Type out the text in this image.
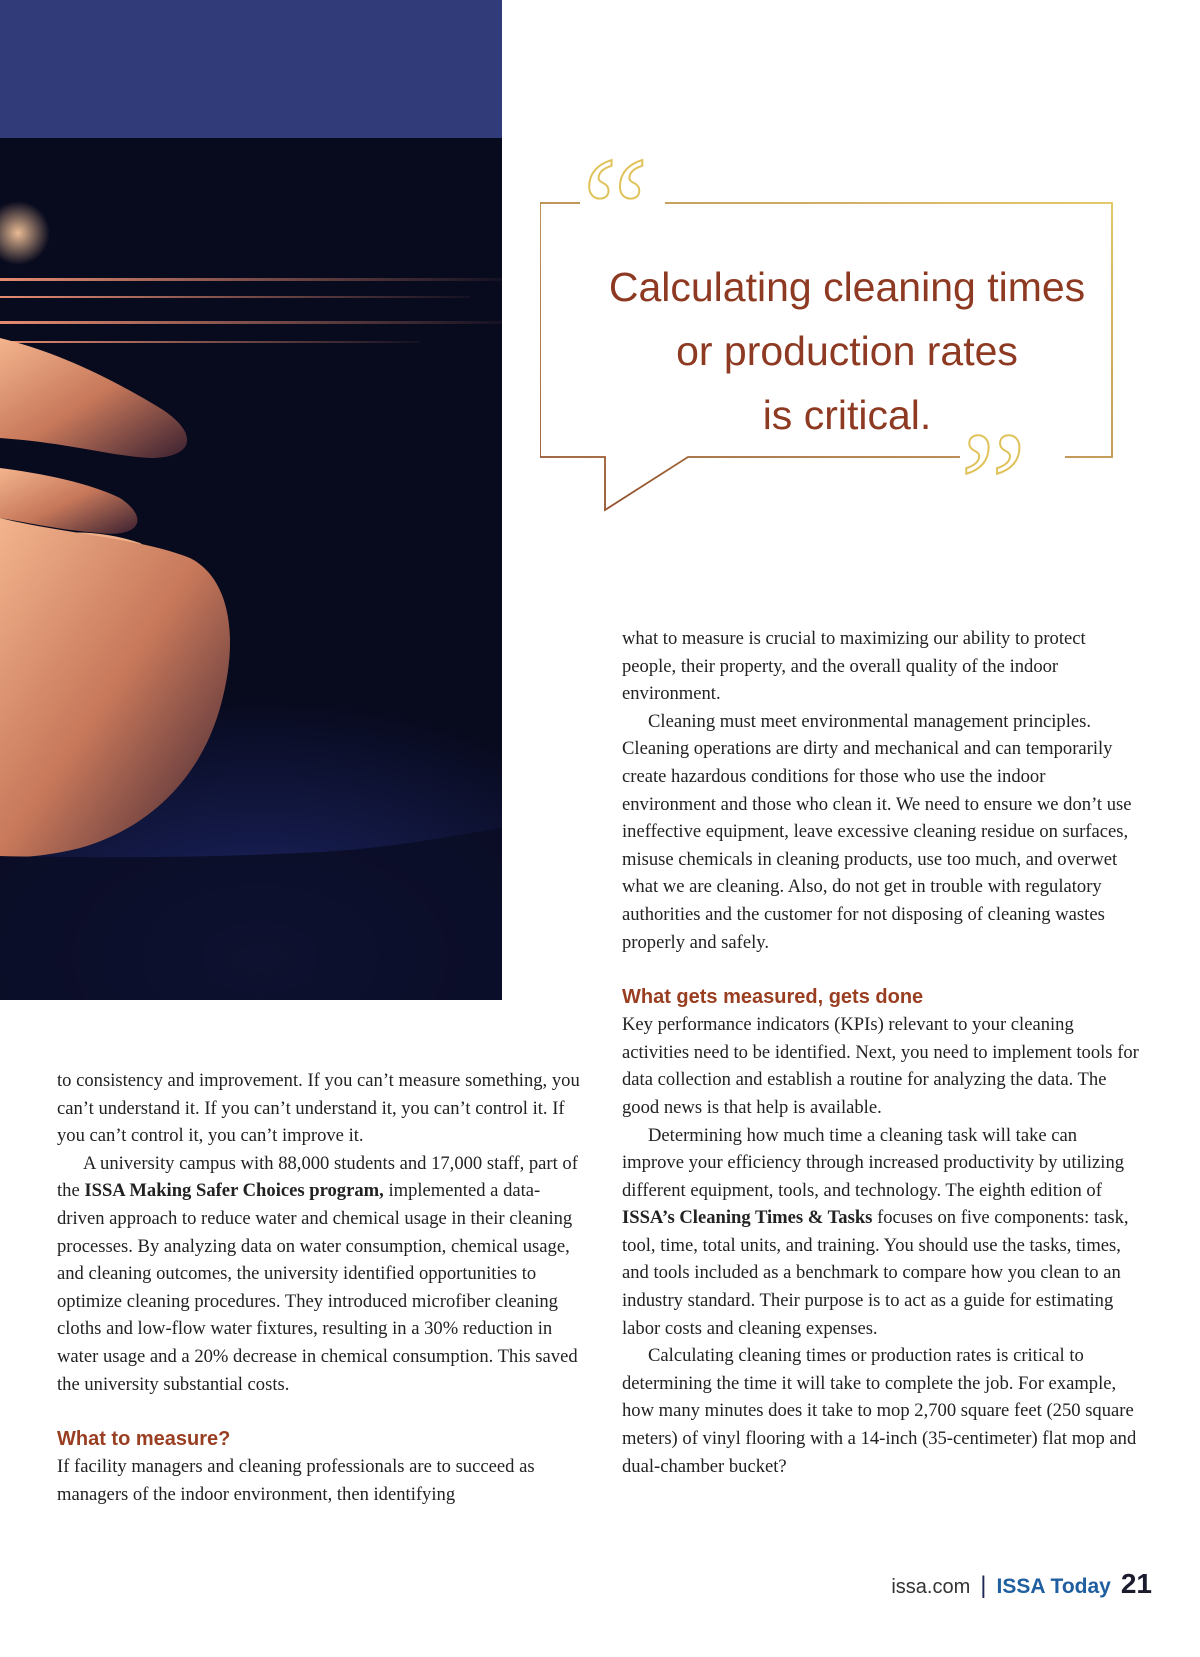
“
”
Calculating cleaning times
or production rates
is critical.

what to measure is crucial to maximizing our ability to protect people, their property, and the overall quality of the indoor environment.

Cleaning must meet environmental management principles. Cleaning operations are dirty and mechanical and can temporarily create hazardous conditions for those who use the indoor environment and those who clean it. We need to ensure we don’t use ineffective equipment, leave excessive cleaning residue on surfaces, misuse chemicals in cleaning products, use too much, and overwet what we are cleaning. Also, do not get in trouble with regulatory authorities and the customer for not disposing of cleaning wastes properly and safely.

What gets measured, gets done

Key performance indicators (KPIs) relevant to your cleaning activities need to be identified. Next, you need to implement tools for data collection and establish a routine for analyzing the data. The good news is that help is available.

Determining how much time a cleaning task will take can improve your efficiency through increased productivity by utilizing different equipment, tools, and technology. The eighth edition of ISSA’s Cleaning Times & Tasks focuses on five components: task, tool, time, total units, and training. You should use the tasks, times, and tools included as a benchmark to compare how you clean to an industry standard. Their purpose is to act as a guide for estimating labor costs and cleaning expenses.

Calculating cleaning times or production rates is critical to determining the time it will take to complete the job. For example, how many minutes does it take to mop 2,700 square feet (250 square meters) of vinyl flooring with a 14-inch (35-centimeter) flat mop and dual-chamber bucket?

to consistency and improvement. If you can’t measure something, you can’t understand it. If you can’t understand it, you can’t control it. If you can’t control it, you can’t improve it.

A university campus with 88,000 students and 17,000 staff, part of the ISSA Making Safer Choices program, implemented a data-driven approach to reduce water and chemical usage in their cleaning processes. By analyzing data on water consumption, chemical usage, and cleaning outcomes, the university identified opportunities to optimize cleaning procedures. They introduced microfiber cleaning cloths and low-flow water fixtures, resulting in a 30% reduction in water usage and a 20% decrease in chemical consumption. This saved the university substantial costs.

What to measure?

If facility managers and cleaning professionals are to succeed as managers of the indoor environment, then identifying

issa.com | ISSA Today 21
